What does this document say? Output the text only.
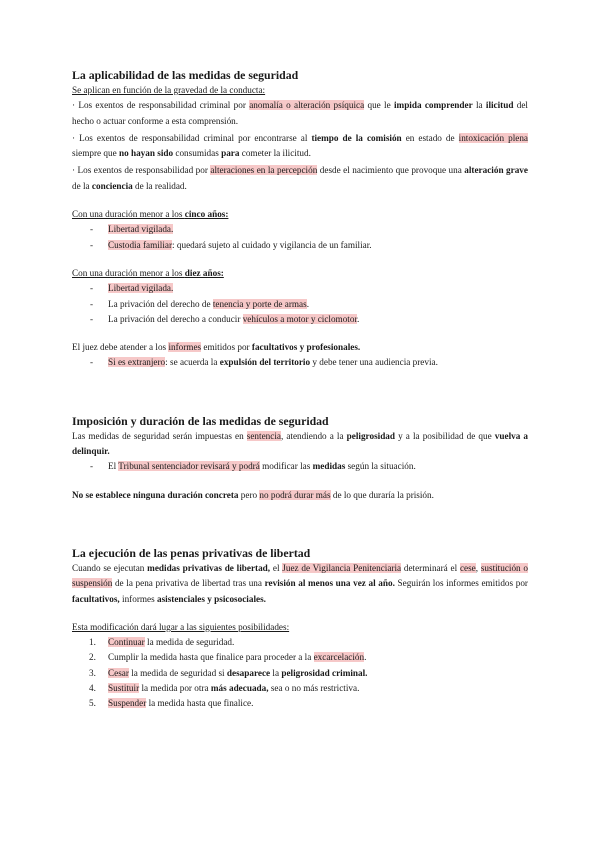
La aplicabilidad de las medidas de seguridad

Se aplican en función de la gravedad de la conducta:

· Los exentos de responsabilidad criminal por anomalía o alteración psíquica que le impida comprender la ilicitud del hecho o actuar conforme a esta comprensión.

· Los exentos de responsabilidad criminal por encontrarse al tiempo de la comisión en estado de intoxicación plena siempre que no hayan sido consumidas para cometer la ilicitud.

· Los exentos de responsabilidad por alteraciones en la percepción desde el nacimiento que provoque una alteración grave de la conciencia de la realidad.

Con una duración menor a los cinco años:

- Libertad vigilada.
- Custodia familiar: quedará sujeto al cuidado y vigilancia de un familiar.

Con una duración menor a los diez años:

- Libertad vigilada.
- La privación del derecho de tenencia y porte de armas.
- La privación del derecho a conducir vehículos a motor y ciclomotor.

El juez debe atender a los informes emitidos por facultativos y profesionales.

- Si es extranjero: se acuerda la expulsión del territorio y debe tener una audiencia previa.
Imposición y duración de las medidas de seguridad

Las medidas de seguridad serán impuestas en sentencia, atendiendo a la peligrosidad y a la posibilidad de que vuelva a delinquir.

- El Tribunal sentenciador revisará y podrá modificar las medidas según la situación.

No se establece ninguna duración concreta pero no podrá durar más de lo que duraría la prisión.

La ejecución de las penas privativas de libertad

Cuando se ejecutan medidas privativas de libertad, el Juez de Vigilancia Penitenciaria determinará el cese, sustitución o suspensión de la pena privativa de libertad tras una revisión al menos una vez al año. Seguirán los informes emitidos por facultativos, informes asistenciales y psicosociales.

Esta modificación dará lugar a las siguientes posibilidades:

1. Continuar la medida de seguridad.
2. Cumplir la medida hasta que finalice para proceder a la excarcelación.
3. Cesar la medida de seguridad si desaparece la peligrosidad criminal.
4. Sustituir la medida por otra más adecuada, sea o no más restrictiva.
5. Suspender la medida hasta que finalice.
